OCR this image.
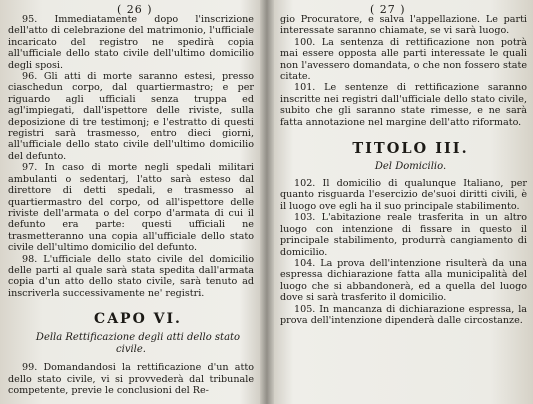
( 26 )

95. Immediatamente dopo l'inscrizione dell'atto di celebrazione del matrimonio, l'ufficiale incaricato del registro ne spedirà copia all'ufficiale dello stato civile dell'ultimo domicilio degli sposi.

96. Gli atti di morte saranno estesi, presso ciaschedun corpo, dal quartiermastro; e per riguardo agli ufficiali senza truppa ed agl'impiegati, dall'ispettore delle riviste, sulla deposizione di tre testimonj; e l'estratto di questi registri sarà trasmesso, entro dieci giorni, all'ufficiale dello stato civile dell'ultimo domicilio del defunto.

97. In caso di morte negli spedali militari ambulanti o sedentarj, l'atto sarà esteso dal direttore di detti spedali, e trasmesso al quartiermastro del corpo, od all'ispettore delle riviste dell'armata o del corpo d'armata di cui il defunto era parte: questi ufficiali ne trasmetteranno una copia all'ufficiale dello stato civile dell'ultimo domicilio del defunto.

98. L'ufficiale dello stato civile del domicilio delle parti al quale sarà stata spedita dall'armata copia d'un atto dello stato civile, sarà tenuto ad inscriverla successivamente ne' registri.

CAPO VI.

Della Rettificazione degli atti dello stato civile.

99. Domandandosi la rettificazione d'un atto dello stato civile, vi si provvederà dal tribunale competente, previe le conclusioni del Re-

( 27 )

gio Procuratore, e salva l'appellazione. Le parti interessate saranno chiamate, se vi sarà luogo.

100. La sentenza di rettificazione non potrà mai essere opposta alle parti interessate le quali non l'avessero domandata, o che non fossero state citate.

101. Le sentenze di rettificazione saranno inscritte nei registri dall'ufficiale dello stato civile, subito che gli saranno state rimesse, e ne sarà fatta annotazione nel margine dell'atto riformato.

TITOLO III.

Del Domicilio.

102. Il domicilio di qualunque Italiano, per quanto risguarda l'esercizio de'suoi diritti civili, è il luogo ove egli ha il suo principale stabilimento.

103. L'abitazione reale trasferita in un altro luogo con intenzione di fissare in questo il principale stabilimento, produrrà cangiamento di domicilio.

104. La prova dell'intenzione risulterà da una espressa dichiarazione fatta alla municipalità del luogo che si abbandonerà, ed a quella del luogo dove si sarà trasferito il domicilio.

105. In mancanza di dichiarazione espressa, la prova dell'intenzione dipenderà dalle circostanze.
